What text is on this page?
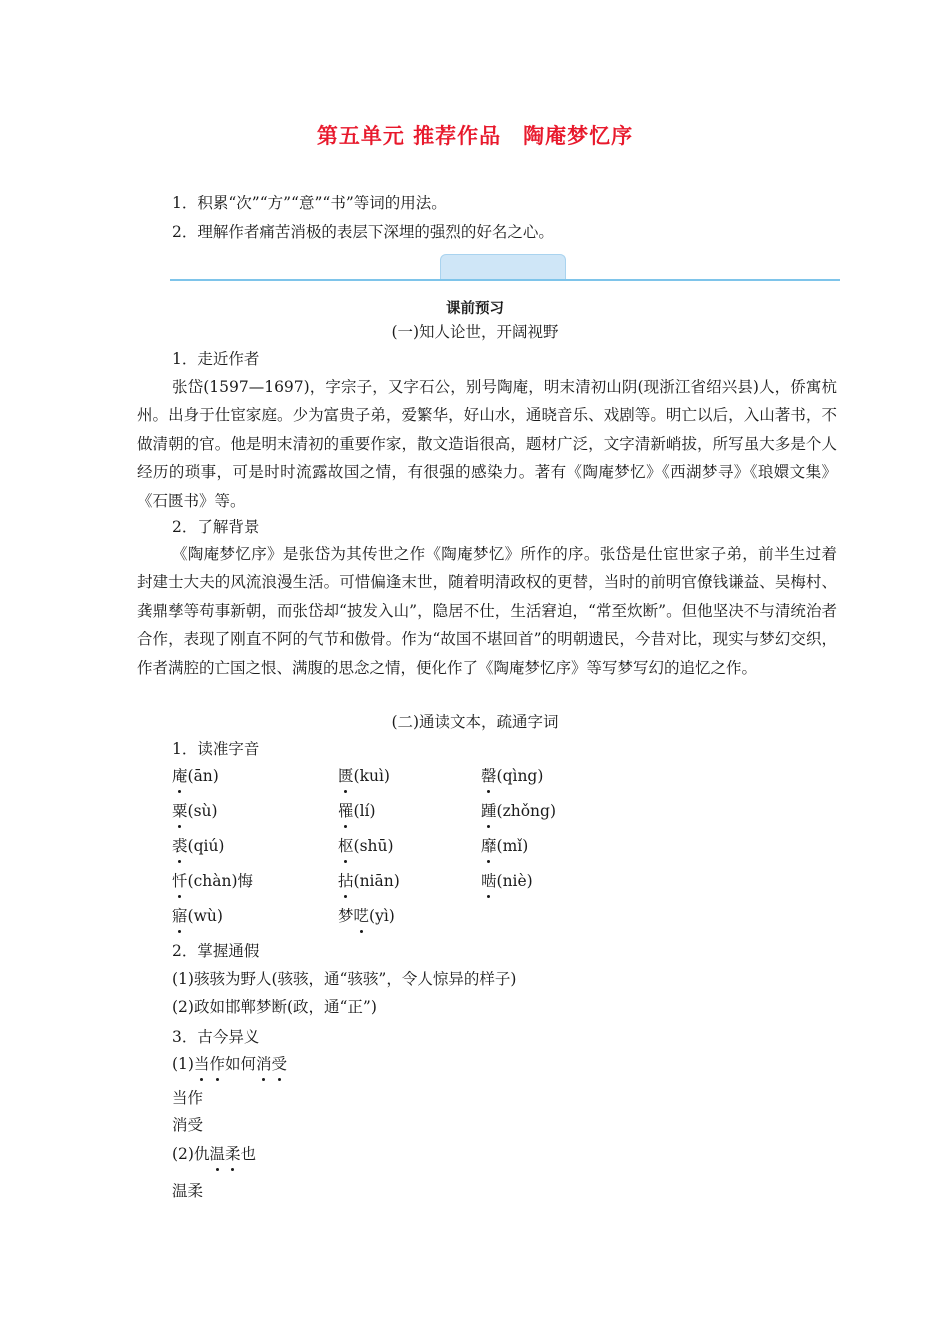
第五单元 推荐作品　陶庵梦忆序
1．积累“次”“方”“意”“书”等词的用法。
2．理解作者痛苦消极的表层下深埋的强烈的好名之心。
课前预习
(一)知人论世，开阔视野
1．走近作者

张岱(1597—1697)，字宗子，又字石公，别号陶庵，明末清初山阴(现浙江省绍兴县)人，侨寓杭州。出身于仕宦家庭。少为富贵子弟，爱繁华，好山水，通晓音乐、戏剧等。明亡以后，入山著书，不做清朝的官。他是明末清初的重要作家，散文造诣很高，题材广泛，文字清新峭拔，所写虽大多是个人经历的琐事，可是时时流露故国之情，有很强的感染力。著有《陶庵梦忆》《西湖梦寻》《琅嬛文集》《石匮书》等。

2．了解背景

《陶庵梦忆序》是张岱为其传世之作《陶庵梦忆》所作的序。张岱是仕宦世家子弟，前半生过着封建士大夫的风流浪漫生活。可惜偏逢末世，随着明清政权的更替，当时的前明官僚钱谦益、吴梅村、龚鼎孳等苟事新朝，而张岱却“披发入山”，隐居不仕，生活窘迫，“常至炊断”。但他坚决不与清统治者合作，表现了刚直不阿的气节和傲骨。作为“故国不堪回首”的明朝遗民，今昔对比，现实与梦幻交织，作者满腔的亡国之恨、满腹的思念之情，便化作了《陶庵梦忆序》等写梦写幻的追忆之作。

(二)通读文本，疏通字词
1．读准字音
庵(ān)	匮(kuì)	罄(qìng)
粟(sù)	罹(lí)	踵(zhǒng)
裘(qiú)	枢(shū)	靡(mǐ)
忏(chàn)悔	拈(niān)	啮(niè)
寤(wù)	梦呓(yì)
2．掌握通假
(1)骇骇为野人(骇骇，通“骇骇”，令人惊异的样子)
(2)政如邯郸梦断(政，通“正”)
3．古今异义
(1)当作如何消受
当作
消受
(2)仇温柔也
温柔
